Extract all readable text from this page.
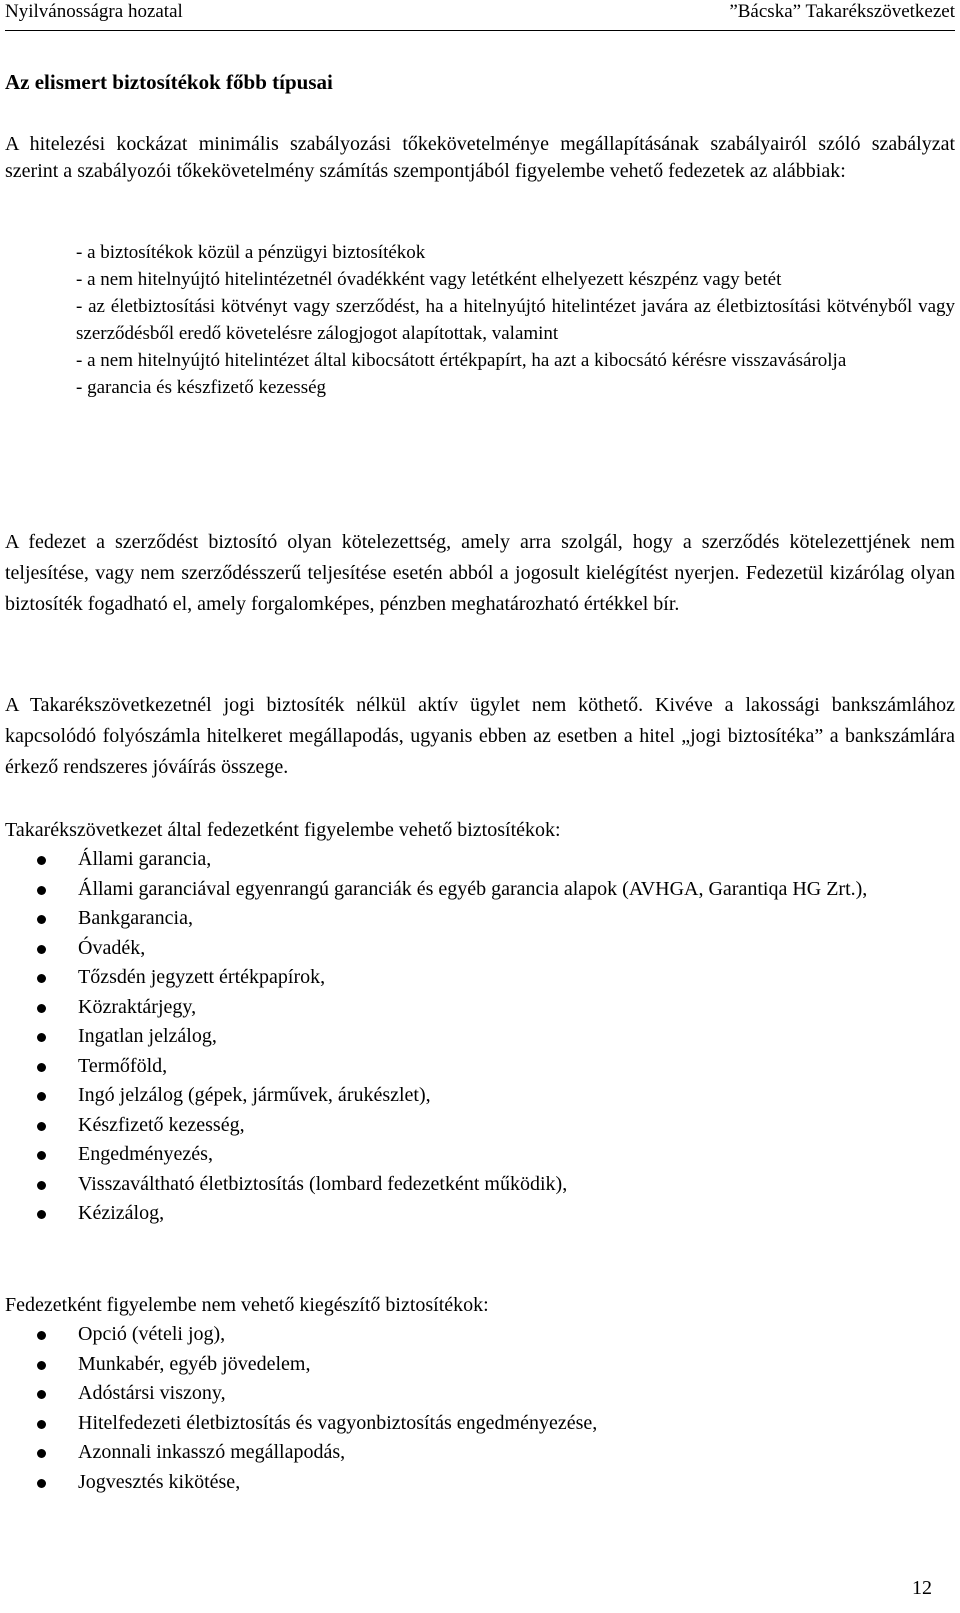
Nyilvánosságra hozatal	”Bácska” Takarékszövetkezet
Az elismert biztosítékok főbb típusai
A hitelezési kockázat minimális szabályozási tőkekövetelménye megállapításának szabályairól szóló szabályzat szerint a szabályozói tőkekövetelmény számítás szempontjából figyelembe vehető fedezetek az alábbiak:
- a biztosítékok közül a pénzügyi biztosítékok
- a nem hitelnyújtó hitelintézetnél óvadékként vagy letétként elhelyezett készpénz vagy betét
- az életbiztosítási kötvényt vagy szerződést, ha a hitelnyújtó hitelintézet javára az életbiztosítási kötvényből vagy szerződésből eredő követelésre zálogjogot alapítottak, valamint
- a nem hitelnyújtó hitelintézet által kibocsátott értékpapírt, ha azt a kibocsátó kérésre visszavásárolja
- garancia és készfizető kezesség
A fedezet a szerződést biztosító olyan kötelezettség, amely arra szolgál, hogy a szerződés kötelezettjének nem teljesítése, vagy nem szerződésszerű teljesítése esetén abból a jogosult kielégítést nyerjen. Fedezetül kizárólag olyan biztosíték fogadható el, amely forgalomképes, pénzben meghatározható értékkel bír.
A Takarékszövetkezetnél jogi biztosíték nélkül aktív ügylet nem köthető. Kivéve a lakossági bankszámlához kapcsolódó folyószámla hitelkeret megállapodás, ugyanis ebben az esetben a hitel „jogi biztosítéka” a bankszámlára érkező rendszeres jóváírás összege.
Takarékszövetkezet által fedezetként figyelembe vehető biztosítékok:
Állami garancia,
Állami garanciával egyenrangú garanciák és egyéb garancia alapok (AVHGA, Garantiqa HG Zrt.),
Bankgarancia,
Óvadék,
Tőzsdén jegyzett értékpapírok,
Közraktárjegy,
Ingatlan jelzálog,
Termőföld,
Ingó jelzálog (gépek, járművek, árukészlet),
Készfizető kezesség,
Engedményezés,
Visszaváltható életbiztosítás (lombard fedezetként működik),
Kézizálog,
Fedezetként figyelembe nem vehető kiegészítő biztosítékok:
Opció (vételi jog),
Munkabér, egyéb jövedelem,
Adóstársi viszony,
Hitelfedezeti életbiztosítás és vagyonbiztosítás engedményezése,
Azonnali inkasszó megállapodás,
Jogvesztés kikötése,
12
